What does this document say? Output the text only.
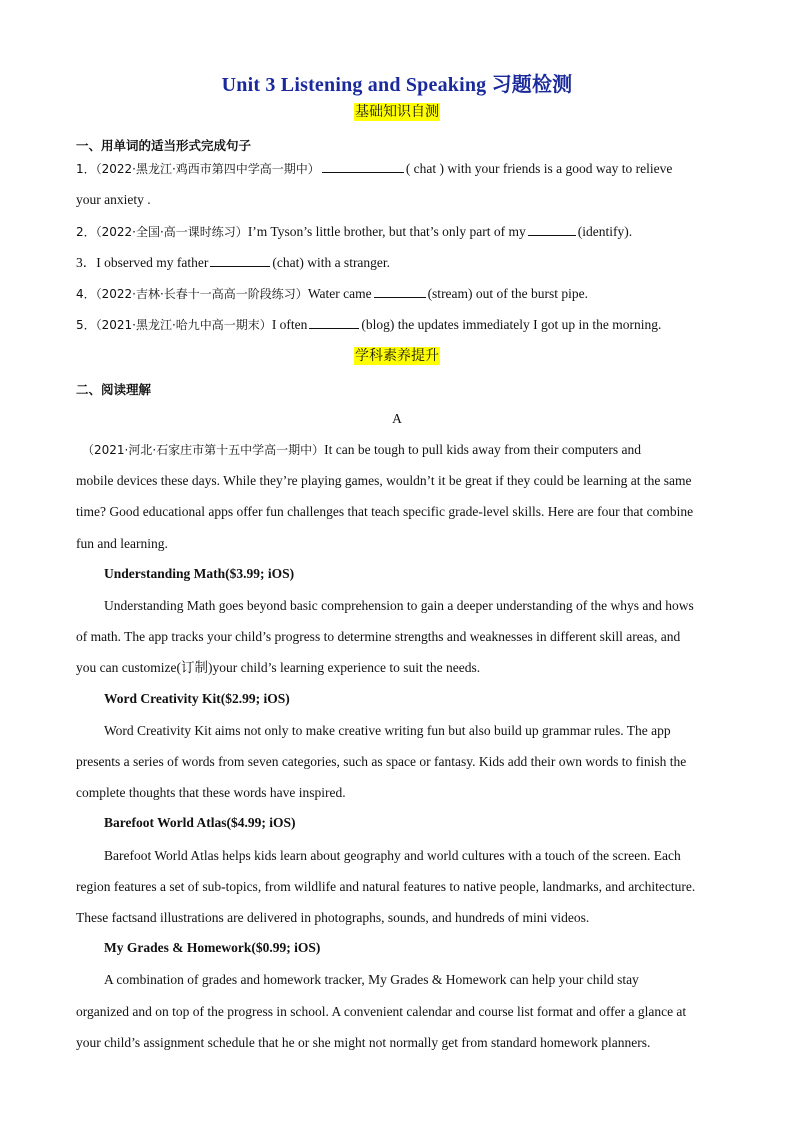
Unit 3 Listening and Speaking 习题检测
基础知识自测
一、用单词的适当形式完成句子
1．（2022·黑龙江·鸡西市第四中学高一期中）	( chat ) with your friends is a good way to relieve
your anxiety .
2．（2022·全国·高一课时练习）I’m Tyson’s little brother, but that’s only part of my	(identify).
3．I observed my father	(chat) with a stranger.
4．（2022·吉林·长春十一高高一阶段练习）Water came	(stream) out of the burst pipe.
5．（2021·黑龙江·哈九中高一期末）I often	(blog) the updates immediately I got up in the morning.
学科素养提升
二、阅读理解
A
（2021·河北·石家庄市第十五中学高一期中）It can be tough to pull kids away from their computers and
mobile devices these days. While they’re playing games, wouldn’t it be great if they could be learning at the same
time? Good educational apps offer fun challenges that teach specific grade-level skills. Here are four that combine
fun and learning.
Understanding Math($3.99; iOS)
Understanding Math goes beyond basic comprehension to gain a deeper understanding of the whys and hows
of math. The app tracks your child’s progress to determine strengths and weaknesses in different skill areas, and
you can customize(订制)your child’s learning experience to suit the needs.
Word Creativity Kit($2.99; iOS)
Word Creativity Kit aims not only to make creative writing fun but also build up grammar rules. The app
presents a series of words from seven categories, such as space or fantasy. Kids add their own words to finish the
complete thoughts that these words have inspired.
Barefoot World Atlas($4.99; iOS)
Barefoot World Atlas helps kids learn about geography and world cultures with a touch of the screen. Each
region features a set of sub-topics, from wildlife and natural features to native people, landmarks, and architecture.
These factsand illustrations are delivered in photographs, sounds, and hundreds of mini videos.
My Grades & Homework($0.99; iOS)
A combination of grades and homework tracker, My Grades & Homework can help your child stay
organized and on top of the progress in school. A convenient calendar and course list format and offer a glance at
your child’s assignment schedule that he or she might not normally get from standard homework planners.
